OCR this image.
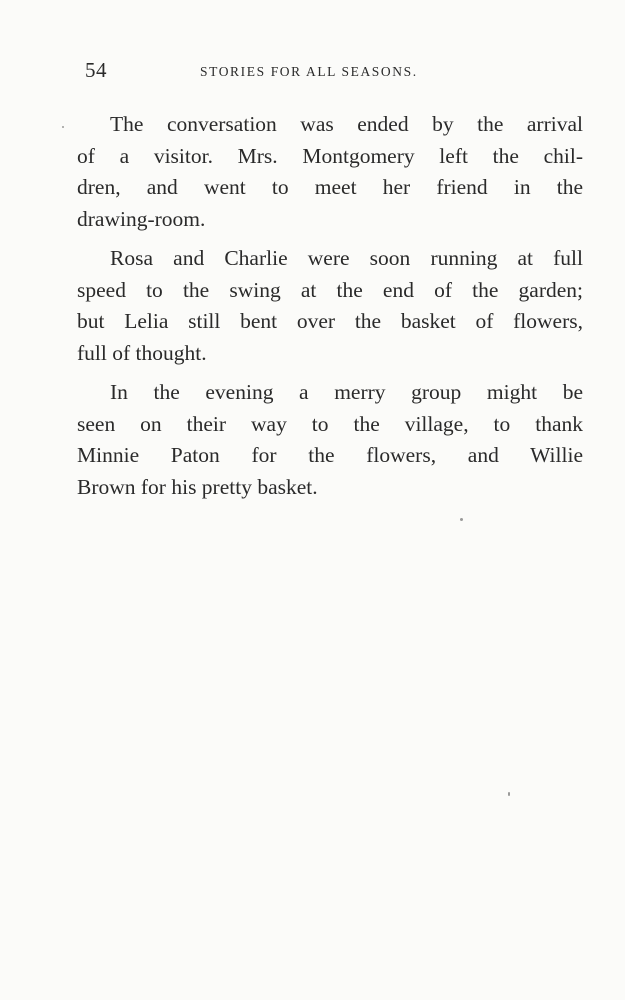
54	STORIES FOR ALL SEASONS.
The conversation was ended by the arrival
of a visitor. Mrs. Montgomery left the chil-
dren, and went to meet her friend in the
drawing-room.
Rosa and Charlie were soon running at full
speed to the swing at the end of the garden;
but Lelia still bent over the basket of flowers,
full of thought.
In the evening a merry group might be
seen on their way to the village, to thank
Minnie Paton for the flowers, and Willie
Brown for his pretty basket.
